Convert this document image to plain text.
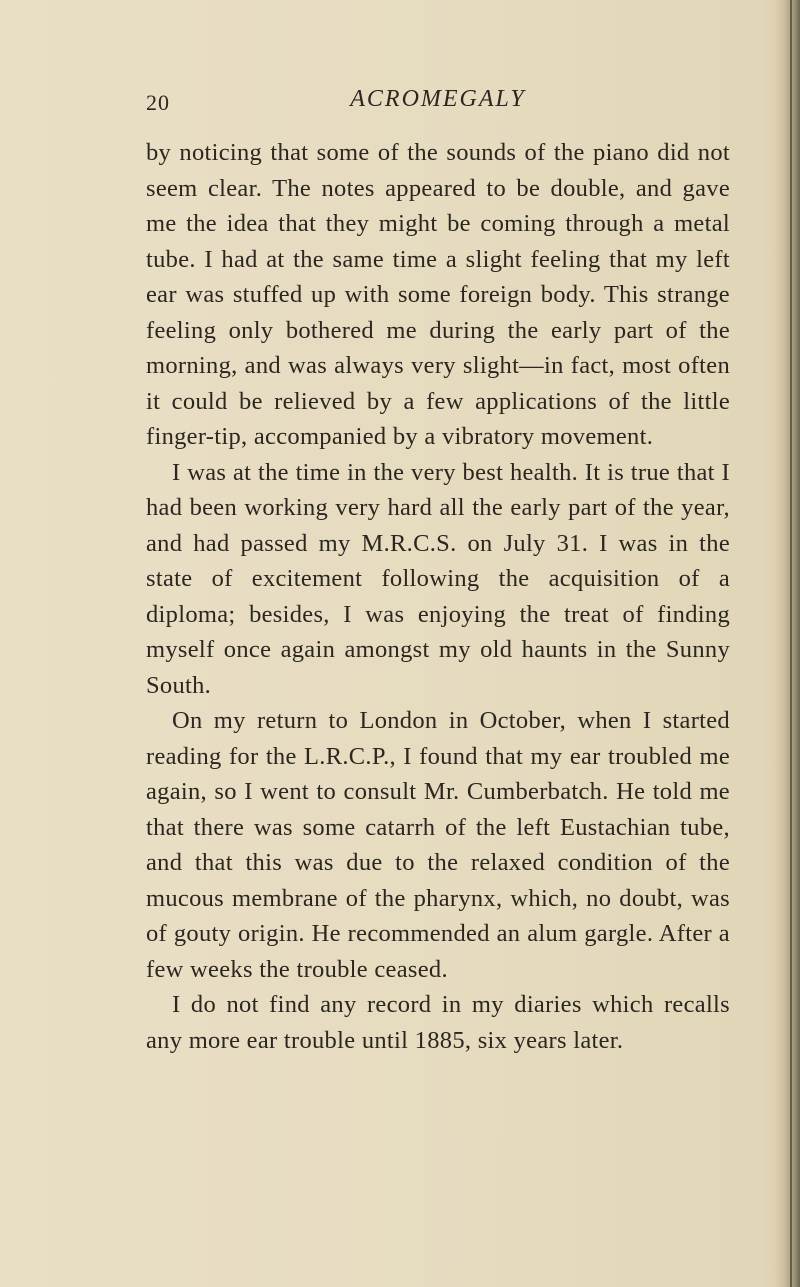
20	ACROMEGALY

by noticing that some of the sounds of the piano did not seem clear. The notes appeared to be double, and gave me the idea that they might be coming through a metal tube. I had at the same time a slight feeling that my left ear was stuffed up with some foreign body. This strange feeling only bothered me during the early part of the morning, and was always very slight—in fact, most often it could be relieved by a few applications of the little finger-tip, accompanied by a vibratory movement.

I was at the time in the very best health. It is true that I had been working very hard all the early part of the year, and had passed my M.R.C.S. on July 31. I was in the state of excitement following the acquisition of a diploma; besides, I was enjoying the treat of finding myself once again amongst my old haunts in the Sunny South.

On my return to London in October, when I started reading for the L.R.C.P., I found that my ear troubled me again, so I went to consult Mr. Cumberbatch. He told me that there was some catarrh of the left Eustachian tube, and that this was due to the relaxed condition of the mucous membrane of the pharynx, which, no doubt, was of gouty origin. He recommended an alum gargle. After a few weeks the trouble ceased.

I do not find any record in my diaries which recalls any more ear trouble until 1885, six years later.
